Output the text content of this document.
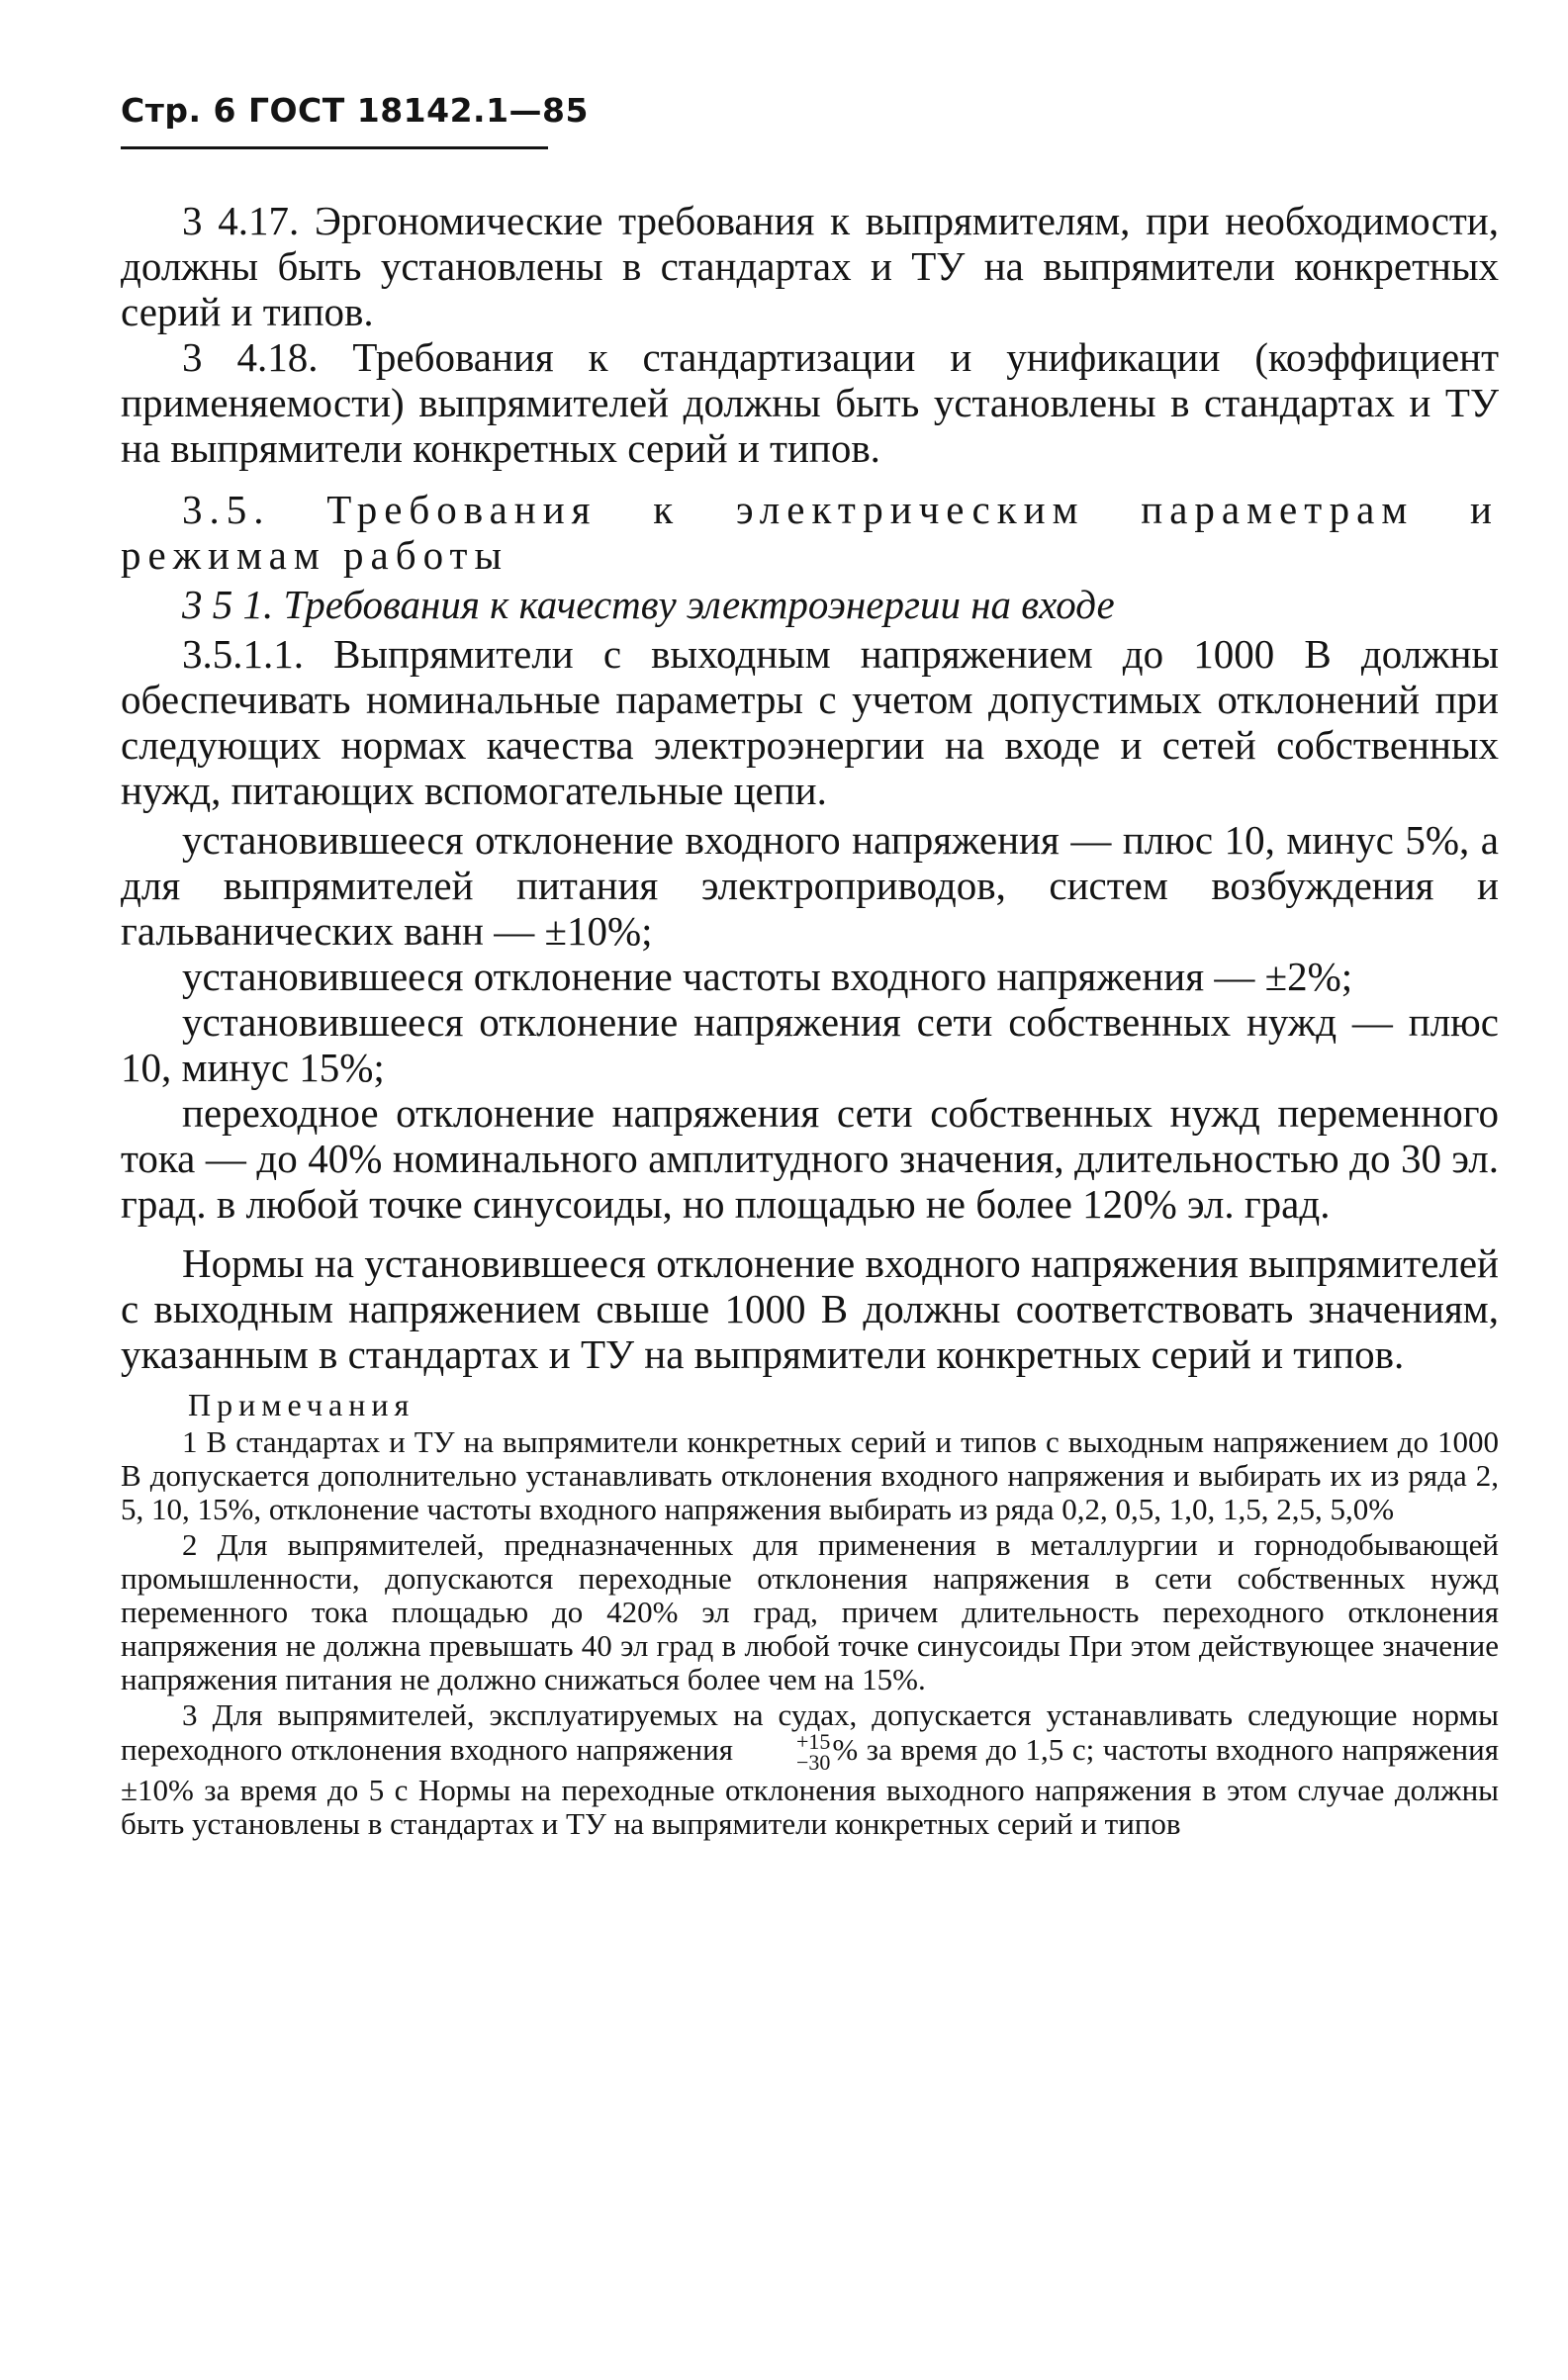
Стр. 6 ГОСТ 18142.1—85

3 4.17. Эргономические требования к выпрямителям, при необходимости, должны быть установлены в стандартах и ТУ на выпрямители конкретных серий и типов.

3 4.18. Требования к стандартизации и унификации (коэффициент применяемости) выпрямителей должны быть установлены в стандартах и ТУ на выпрямители конкретных серий и типов.

3.5. Требования к электрическим параметрам и режимам работы

3 5 1. Требования к качеству электроэнергии на входе

3.5.1.1. Выпрямители с выходным напряжением до 1000 В должны обеспечивать номинальные параметры с учетом допустимых отклонений при следующих нормах качества электроэнергии на входе и сетей собственных нужд, питающих вспомогательные цепи.

установившееся отклонение входного напряжения — плюс 10, минус 5%, а для выпрямителей питания электроприводов, систем возбуждения и гальванических ванн — ±10%;

установившееся отклонение частоты входного напряжения — ±2%;

установившееся отклонение напряжения сети собственных нужд — плюс 10, минус 15%;

переходное отклонение напряжения сети собственных нужд переменного тока — до 40% номинального амплитудного значения, длительностью до 30 эл. град. в любой точке синусоиды, но площадью не более 120% эл. град.

Нормы на установившееся отклонение входного напряжения выпрямителей с выходным напряжением свыше 1000 В должны соответствовать значениям, указанным в стандартах и ТУ на выпрямители конкретных серий и типов.

Примечания

1 В стандартах и ТУ на выпрямители конкретных серий и типов с выходным напряжением до 1000 В допускается дополнительно устанавливать отклонения входного напряжения и выбирать их из ряда 2, 5, 10, 15%, отклонение частоты входного напряжения выбирать из ряда 0,2, 0,5, 1,0, 1,5, 2,5, 5,0%

2 Для выпрямителей, предназначенных для применения в металлургии и горнодобывающей промышленности, допускаются переходные отклонения напряжения в сети собственных нужд переменного тока площадью до 420% эл град, причем длительность переходного отклонения напряжения не должна превышать 40 эл град в любой точке синусоиды При этом действующее значение напряжения питания не должно снижаться более чем на 15%.

3 Для выпрямителей, эксплуатируемых на судах, допускается устанавливать следующие нормы переходного отклонения входного напряжения	+15
−30 % за время до 1,5 с; частоты входного напряжения ±10% за время до 5 с Нормы на переходные отклонения выходного напряжения в этом случае должны быть установлены в стандартах и ТУ на выпрямители конкретных серий и типов
